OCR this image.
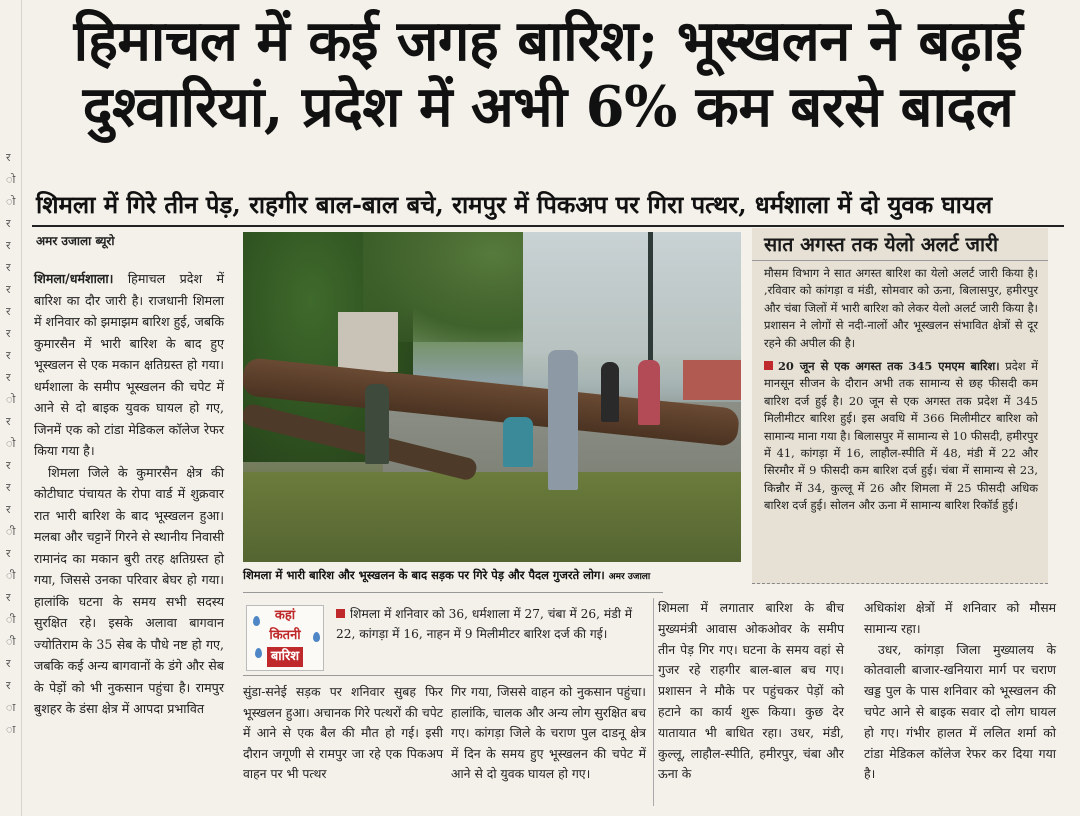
र
ो
ो
र
र
र
र
र
र
र
र
ो
र
ो
र
र
र
ी
र
ी
र
ी
ी
र
र
ा
ा
हिमाचल में कई जगह बारिश; भूस्खलन ने बढ़ाई
दुश्वारियां, प्रदेश में अभी 6% कम बरसे बादल
शिमला में गिरे तीन पेड़, राहगीर बाल-बाल बचे, रामपुर में पिकअप पर गिरा पत्थर, धर्मशाला में दो युवक घायल
अमर उजाला ब्यूरो

शिमला/धर्मशाला। हिमाचल प्रदेश में बारिश का दौर जारी है। राजधानी शिमला में शनिवार को झमाझम बारिश हुई, जबकि कुमारसैन में भारी बारिश के बाद हुए भूस्खलन से एक मकान क्षतिग्रस्त हो गया। धर्मशाला के समीप भूस्खलन की चपेट में आने से दो बाइक युवक घायल हो गए, जिनमें एक को टांडा मेडिकल कॉलेज रेफर किया गया है।

शिमला जिले के कुमारसैन क्षेत्र की कोटीघाट पंचायत के रोपा वार्ड में शुक्रवार रात भारी बारिश के बाद भूस्खलन हुआ। मलबा और चट्टानें गिरने से स्थानीय निवासी रामानंद का मकान बुरी तरह क्षतिग्रस्त हो गया, जिससे उनका परिवार बेघर हो गया। हालांकि घटना के समय सभी सदस्य सुरक्षित रहे। इसके अलावा बागवान ज्योतिराम के 35 सेब के पौधे नष्ट हो गए, जबकि कई अन्य बागवानों के डंगे और सेब के पेड़ों को भी नुकसान पहुंचा है। रामपुर बुशहर के डंसा क्षेत्र में आपदा प्रभावित

शिमला में भारी बारिश और भूस्खलन के बाद सड़क पर गिरे पेड़ और पैदल गुजरते लोग। अमर उजाला
सात अगस्त तक येलो अलर्ट जारी
मौसम विभाग ने सात अगस्त बारिश का येलो अलर्ट जारी किया है। ,रविवार को कांगड़ा व मंडी, सोमवार को ऊना, बिलासपुर, हमीरपुर और चंबा जिलों में भारी बारिश को लेकर येलो अलर्ट जारी किया है। प्रशासन ने लोगों से नदी-नालों और भूस्खलन संभावित क्षेत्रों से दूर रहने की अपील की है।
20 जून से एक अगस्त तक 345 एमएम बारिश। प्रदेश में मानसून सीजन के दौरान अभी तक सामान्य से छह फीसदी कम बारिश दर्ज हुई है। 20 जून से एक अगस्त तक प्रदेश में 345 मिलीमीटर बारिश हुई। इस अवधि में 366 मिलीमीटर बारिश को सामान्य माना गया है। बिलासपुर में सामान्य से 10 फीसदी, हमीरपुर में 41, कांगड़ा में 16, लाहौल-स्पीति में 48, मंडी में 22 और सिरमौर में 9 फीसदी कम बारिश दर्ज हुई। चंबा में सामान्य से 23, किन्नौर में 34, कुल्लू में 26 और शिमला में 25 फीसदी अधिक बारिश दर्ज हुई। सोलन और ऊना में सामान्य बारिश रिकॉर्ड हुई।
कहां
कितनी
बारिश
शिमला में शनिवार को 36, धर्मशाला में 27, चंबा में 26, मंडी में 22, कांगड़ा में 16, नाहन में 9 मिलीमीटर बारिश दर्ज की गई।
सुंडा-सनेई सड़क पर शनिवार सुबह फिर भूस्खलन हुआ। अचानक गिरे पत्थरों की चपेट में आने से एक बैल की मौत हो गई। इसी दौरान जगूणी से रामपुर जा रहे एक पिकअप वाहन पर भी पत्थर
गिर गया, जिससे वाहन को नुकसान पहुंचा। हालांकि, चालक और अन्य लोग सुरक्षित बच गए। कांगड़ा जिले के चराण पुल दाडनू क्षेत्र में दिन के समय हुए भूस्खलन की चपेट में आने से दो युवक घायल हो गए।
शिमला में लगातार बारिश के बीच मुख्यमंत्री आवास ओकओवर के समीप तीन पेड़ गिर गए। घटना के समय वहां से गुजर रहे राहगीर बाल-बाल बच गए। प्रशासन ने मौके पर पहुंचकर पेड़ों को हटाने का कार्य शुरू किया। कुछ देर यातायात भी बाधित रहा। उधर, मंडी, कुल्लू, लाहौल-स्पीति, हमीरपुर, चंबा और ऊना के

अधिकांश क्षेत्रों में शनिवार को मौसम सामान्य रहा।

उधर, कांगड़ा जिला मुख्यालय के कोतवाली बाजार-खनियारा मार्ग पर चराण खड्ड पुल के पास शनिवार को भूस्खलन की चपेट आने से बाइक सवार दो लोग घायल हो गए। गंभीर हालत में ललित शर्मा को टांडा मेडिकल कॉलेज रेफर कर दिया गया है।
